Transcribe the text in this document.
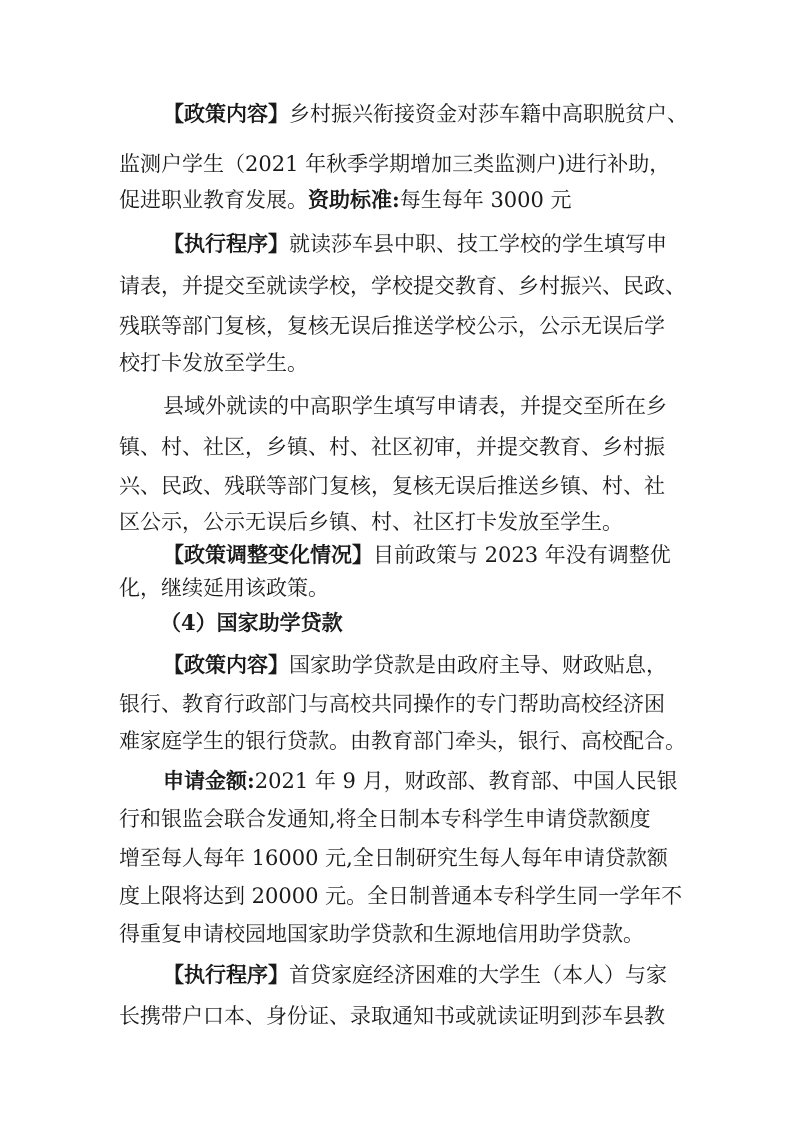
【政策内容】乡村振兴衔接资金对莎车籍中高职脱贫户、
监测户学生（2021 年秋季学期增加三类监测户)进行补助，
促进职业教育发展。资助标准:每生每年 3000 元
【执行程序】就读莎车县中职、技工学校的学生填写申
请表，并提交至就读学校，学校提交教育、乡村振兴、民政、
残联等部门复核，复核无误后推送学校公示，公示无误后学
校打卡发放至学生。
县域外就读的中高职学生填写申请表，并提交至所在乡
镇、村、社区，乡镇、村、社区初审，并提交教育、乡村振
兴、民政、残联等部门复核，复核无误后推送乡镇、村、社
区公示，公示无误后乡镇、村、社区打卡发放至学生。
【政策调整变化情况】目前政策与 2023 年没有调整优
化，继续延用该政策。
（4）国家助学贷款
【政策内容】国家助学贷款是由政府主导、财政贴息，
银行、教育行政部门与高校共同操作的专门帮助高校经济困
难家庭学生的银行贷款。由教育部门牵头，银行、高校配合。
申请金额:2021 年 9 月，财政部、教育部、中国人民银
行和银监会联合发通知,将全日制本专科学生申请贷款额度
增至每人每年 16000 元,全日制研究生每人每年申请贷款额
度上限将达到 20000 元。全日制普通本专科学生同一学年不
得重复申请校园地国家助学贷款和生源地信用助学贷款。
【执行程序】首贷家庭经济困难的大学生（本人）与家
长携带户口本、身份证、录取通知书或就读证明到莎车县教
